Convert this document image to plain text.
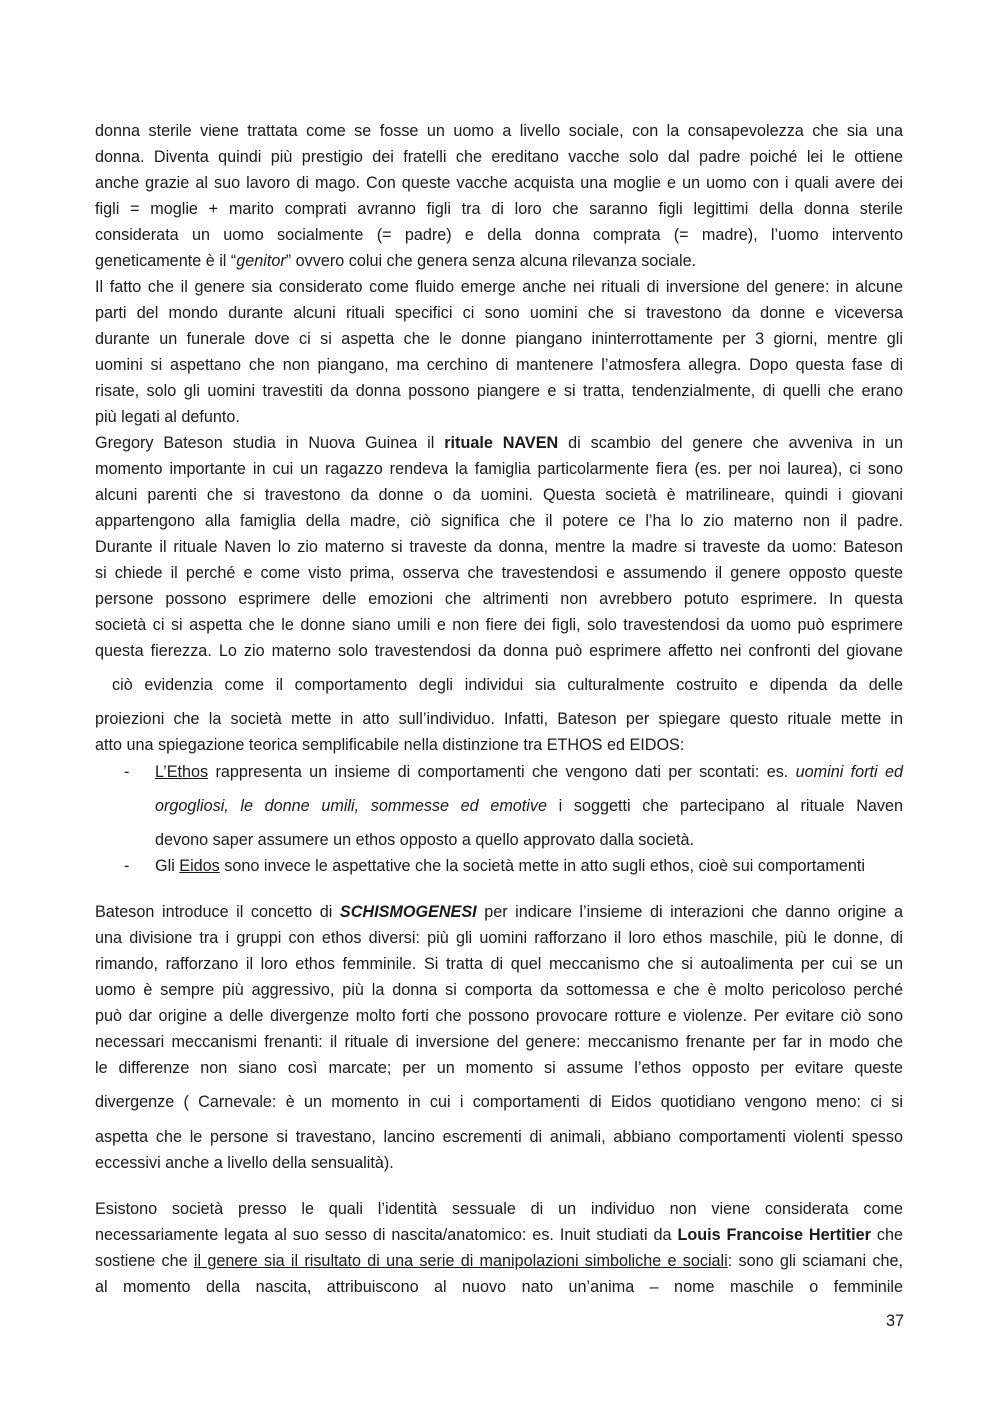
donna sterile viene trattata come se fosse un uomo a livello sociale, con la consapevolezza che sia una
donna. Diventa quindi più prestigio dei fratelli che ereditano vacche solo dal padre poiché lei le ottiene
anche grazie al suo lavoro di mago. Con queste vacche acquista una moglie e un uomo con i quali avere dei
figli = moglie + marito comprati avranno figli tra di loro che saranno figli legittimi della donna sterile
considerata un uomo socialmente (= padre) e della donna comprata (= madre), l’uomo intervento
geneticamente è il “genitor” ovvero colui che genera senza alcuna rilevanza sociale.
Il fatto che il genere sia considerato come fluido emerge anche nei rituali di inversione del genere: in alcune
parti del mondo durante alcuni rituali specifici ci sono uomini che si travestono da donne e viceversa
durante un funerale dove ci si aspetta che le donne piangano ininterrottamente per 3 giorni, mentre gli
uomini si aspettano che non piangano, ma cerchino di mantenere l’atmosfera allegra. Dopo questa fase di
risate, solo gli uomini travestiti da donna possono piangere e si tratta, tendenzialmente, di quelli che erano
più legati al defunto.
Gregory Bateson studia in Nuova Guinea il rituale NAVEN di scambio del genere che avveniva in un
momento importante in cui un ragazzo rendeva la famiglia particolarmente fiera (es. per noi laurea), ci sono
alcuni parenti che si travestono da donne o da uomini. Questa società è matrilineare, quindi i giovani
appartengono alla famiglia della madre, ciò significa che il potere ce l’ha lo zio materno non il padre.
Durante il rituale Naven lo zio materno si traveste da donna, mentre la madre si traveste da uomo: Bateson
si chiede il perché e come visto prima, osserva che travestendosi e assumendo il genere opposto queste
persone possono esprimere delle emozioni che altrimenti non avrebbero potuto esprimere. In questa
società ci si aspetta che le donne siano umili e non fiere dei figli, solo travestendosi da uomo può esprimere
questa fierezza. Lo zio materno solo travestendosi da donna può esprimere affetto nei confronti del giovane
ciò evidenzia come il comportamento degli individui sia culturalmente costruito e dipenda da delle
proiezioni che la società mette in atto sull’individuo. Infatti, Bateson per spiegare questo rituale mette in
atto una spiegazione teorica semplificabile nella distinzione tra ETHOS ed EIDOS:
- L’Ethos rappresenta un insieme di comportamenti che vengono dati per scontati: es. uomini forti ed
orgogliosi, le donne umili, sommesse ed emotive i soggetti che partecipano al rituale Naven
devono saper assumere un ethos opposto a quello approvato dalla società.
- Gli Eidos sono invece le aspettative che la società mette in atto sugli ethos, cioè sui comportamenti
Bateson introduce il concetto di SCHISMOGENESI per indicare l’insieme di interazioni che danno origine a
una divisione tra i gruppi con ethos diversi: più gli uomini rafforzano il loro ethos maschile, più le donne, di
rimando, rafforzano il loro ethos femminile. Si tratta di quel meccanismo che si autoalimenta per cui se un
uomo è sempre più aggressivo, più la donna si comporta da sottomessa e che è molto pericoloso perché
può dar origine a delle divergenze molto forti che possono provocare rotture e violenze. Per evitare ciò sono
necessari meccanismi frenanti: il rituale di inversione del genere: meccanismo frenante per far in modo che
le differenze non siano così marcate; per un momento si assume l’ethos opposto per evitare queste
divergenze ( Carnevale: è un momento in cui i comportamenti di Eidos quotidiano vengono meno: ci si
aspetta che le persone si travestano, lancino escrementi di animali, abbiano comportamenti violenti spesso
eccessivi anche a livello della sensualità).
Esistono società presso le quali l’identità sessuale di un individuo non viene considerata come
necessariamente legata al suo sesso di nascita/anatomico: es. Inuit studiati da Louis Francoise Hertitier che
sostiene che il genere sia il risultato di una serie di manipolazioni simboliche e sociali: sono gli sciamani che,
al momento della nascita, attribuiscono al nuovo nato un’anima – nome maschile o femminile
37
